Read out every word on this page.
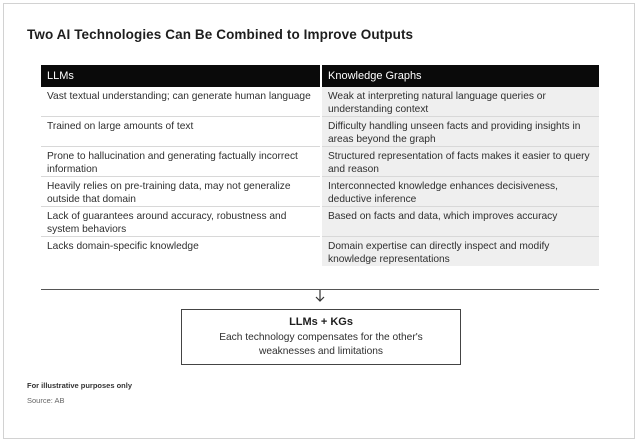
Two AI Technologies Can Be Combined to Improve Outputs
LLMs	Knowledge Graphs
Vast textual understanding; can generate human language	Weak at interpreting natural language queries or understanding context
Trained on large amounts of text	Difficulty handling unseen facts and providing insights in areas beyond the graph
Prone to hallucination and generating factually incorrect information	Structured representation of facts makes it easier to query and reason
Heavily relies on pre-training data, may not generalize outside that domain	Interconnected knowledge enhances decisiveness, deductive inference
Lack of guarantees around accuracy, robustness and system behaviors	Based on facts and data, which improves accuracy
Lacks domain-specific knowledge	Domain expertise can directly inspect and modify knowledge representations
LLMs + KGs
Each technology compensates for the other's weaknesses and limitations
For illustrative purposes only
Source: AB
